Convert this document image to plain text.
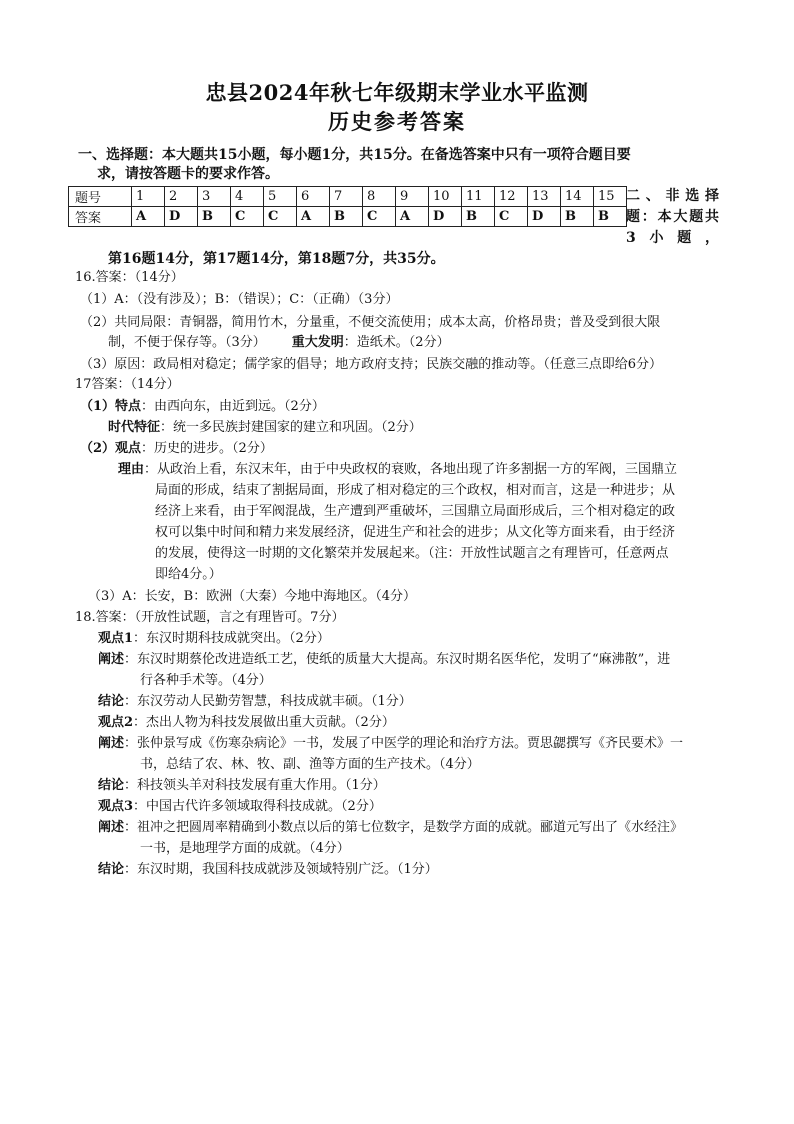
忠县2024年秋七年级期末学业水平监测
历史参考答案
一、选择题：本大题共15小题，每小题1分，共15分。在备选答案中只有一项符合题目要
求，请按答题卡的要求作答。
题号	1	2	3	4	5	6	7	8	9	10	11	12	13	14	15
答案	A	D	B	C	C	A	B	C	A	D	B	C	D	B	B
二、非选择题：本大题共3小题，
第16题14分，第17题14分，第18题7分，共35分。
16.答案：（14分）
（1）A：（没有涉及）；B：（错误）；C：（正确）（3分）
（2）共同局限：青铜器，简用竹木，分量重，不便交流使用；成本太高，价格昂贵；普及受到很大限
制，不便于保存等。（3分） 重大发明：造纸术。（2分）
（3）原因：政局相对稳定；儒学家的倡导；地方政府支持；民族交融的推动等。（任意三点即给6分）
17答案：（14分）
（1）特点：由西向东，由近到远。（2分）
时代特征：统一多民族封建国家的建立和巩固。（2分）
（2）观点：历史的进步。（2分）
理由：从政治上看，东汉末年，由于中央政权的衰败，各地出现了许多割据一方的军阀，三国鼎立
局面的形成，结束了割据局面，形成了相对稳定的三个政权，相对而言，这是一种进步；从
经济上来看，由于军阀混战，生产遭到严重破坏，三国鼎立局面形成后，三个相对稳定的政
权可以集中时间和精力来发展经济，促进生产和社会的进步；从文化等方面来看，由于经济
的发展，使得这一时期的文化繁荣并发展起来。（注：开放性试题言之有理皆可，任意两点
即给4分。）
（3）A：长安，B：欧洲（大秦）今地中海地区。（4分）
18.答案：（开放性试题，言之有理皆可。7分）
观点1：东汉时期科技成就突出。（2分）
阐述：东汉时期蔡伦改进造纸工艺，使纸的质量大大提高。东汉时期名医华佗，发明了“麻沸散”，进
行各种手术等。（4分）
结论：东汉劳动人民勤劳智慧，科技成就丰硕。（1分）
观点2：杰出人物为科技发展做出重大贡献。（2分）
阐述：张仲景写成《伤寒杂病论》一书，发展了中医学的理论和治疗方法。贾思勰撰写《齐民要术》一
书，总结了农、林、牧、副、渔等方面的生产技术。（4分）
结论：科技领头羊对科技发展有重大作用。（1分）
观点3：中国古代许多领域取得科技成就。（2分）
阐述：祖冲之把圆周率精确到小数点以后的第七位数字，是数学方面的成就。郦道元写出了《水经注》
一书，是地理学方面的成就。（4分）
结论：东汉时期，我国科技成就涉及领域特别广泛。（1分）
